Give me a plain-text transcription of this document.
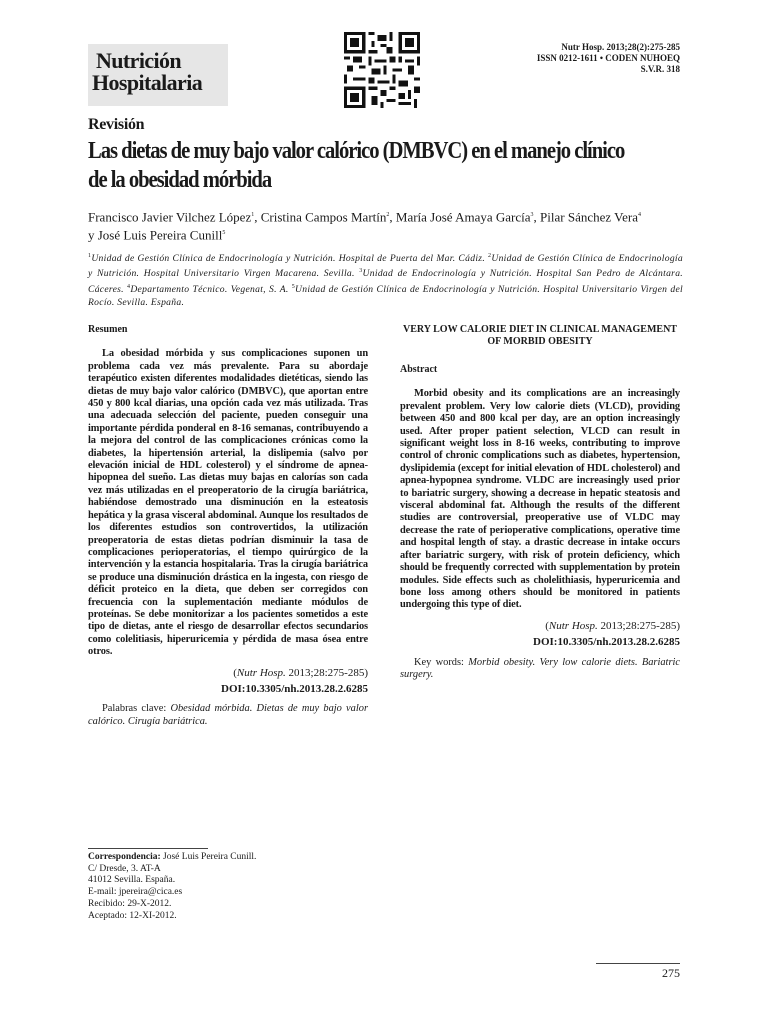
Nutrición
Hospitalaria
Nutr Hosp. 2013;28(2):275-285
ISSN 0212-1611 • CODEN NUHOEQ
S.V.R. 318
Revisión
Las dietas de muy bajo valor calórico (DMBVC) en el manejo clínico de la obesidad mórbida
Francisco Javier Vilchez López$^1$, Cristina Campos Martín$^2$, María José Amaya García$^3$, Pilar Sánchez Vera$^4$
y José Luis Pereira Cunill$^5$
$^1$Unidad de Gestión Clínica de Endocrinología y Nutrición. Hospital de Puerta del Mar. Cádiz. $^2$Unidad de Gestión Clínica de Endocrinología y Nutrición. Hospital Universitario Virgen Macarena. Sevilla. $^3$Unidad de Endocrinología y Nutrición. Hospital San Pedro de Alcántara. Cáceres. $^4$Departamento Técnico. Vegenat, S. A. $^5$Unidad de Gestión Clínica de Endocrinología y Nutrición. Hospital Universitario Virgen del Rocío. Sevilla. España.
Resumen

La obesidad mórbida y sus complicaciones suponen un problema cada vez más prevalente. Para su abordaje terapéutico existen diferentes modalidades dietéticas, siendo las dietas de muy bajo valor calórico (DMBVC), que aportan entre 450 y 800 kcal diarias, una opción cada vez más utilizada. Tras una adecuada selección del paciente, pueden conseguir una importante pérdida ponderal en 8-16 semanas, contribuyendo a la mejora del control de las complicaciones crónicas como la diabetes, la hipertensión arterial, la dislipemia (salvo por elevación inicial de HDL colesterol) y el síndrome de apnea-hipopnea del sueño. Las dietas muy bajas en calorías son cada vez más utilizadas en el preoperatorio de la cirugía bariátrica, habiéndose demostrado una disminución en la esteatosis hepática y la grasa visceral abdominal. Aunque los resultados de los diferentes estudios son controvertidos, la utilización preoperatoria de estas dietas podrían disminuir la tasa de complicaciones perioperatorias, el tiempo quirúrgico de la intervención y la estancia hospitalaria. Tras la cirugía bariátrica se produce una disminución drástica en la ingesta, con riesgo de déficit proteico en la dieta, que deben ser corregidos con frecuencia con la suplementación mediante módulos de proteínas. Se debe monitorizar a los pacientes sometidos a este tipo de dietas, ante el riesgo de desarrollar efectos secundarios como colelitiasis, hiperuricemia y pérdida de masa ósea entre otros.

(Nutr Hosp. 2013;28:275-285)
DOI:10.3305/nh.2013.28.2.6285
Palabras clave: Obesidad mórbida. Dietas de muy bajo valor calórico. Cirugía bariátrica.
VERY LOW CALORIE DIET IN CLINICAL MANAGEMENT OF MORBID OBESITY
Abstract

Morbid obesity and its complications are an increasingly prevalent problem. Very low calorie diets (VLCD), providing between 450 and 800 kcal per day, are an option increasingly used. After proper patient selection, VLCD can result in significant weight loss in 8-16 weeks, contributing to improve control of chronic complications such as diabetes, hypertension, dyslipidemia (except for initial elevation of HDL cholesterol) and apnea-hypopnea syndrome. VLDC are increasingly used prior to bariatric surgery, showing a decrease in hepatic steatosis and visceral abdominal fat. Although the results of the different studies are controversial, preoperative use of VLDC may decrease the rate of perioperative complications, operative time and hospital length of stay. a drastic decrease in intake occurs after bariatric surgery, with risk of protein deficiency, which should be frequently corrected with supplementation by protein modules. Side effects such as cholelithiasis, hyperuricemia and bone loss among others should be monitored in patients undergoing this type of diet.

(Nutr Hosp. 2013;28:275-285)
DOI:10.3305/nh.2013.28.2.6285
Key words: Morbid obesity. Very low calorie diets. Bariatric surgery.
Correspondencia: José Luis Pereira Cunill.
C/ Dresde, 3. AT-A
41012 Sevilla. España.
E-mail: jpereira@cica.es
Recibido: 29-X-2012.
Aceptado: 12-XI-2012.
275
